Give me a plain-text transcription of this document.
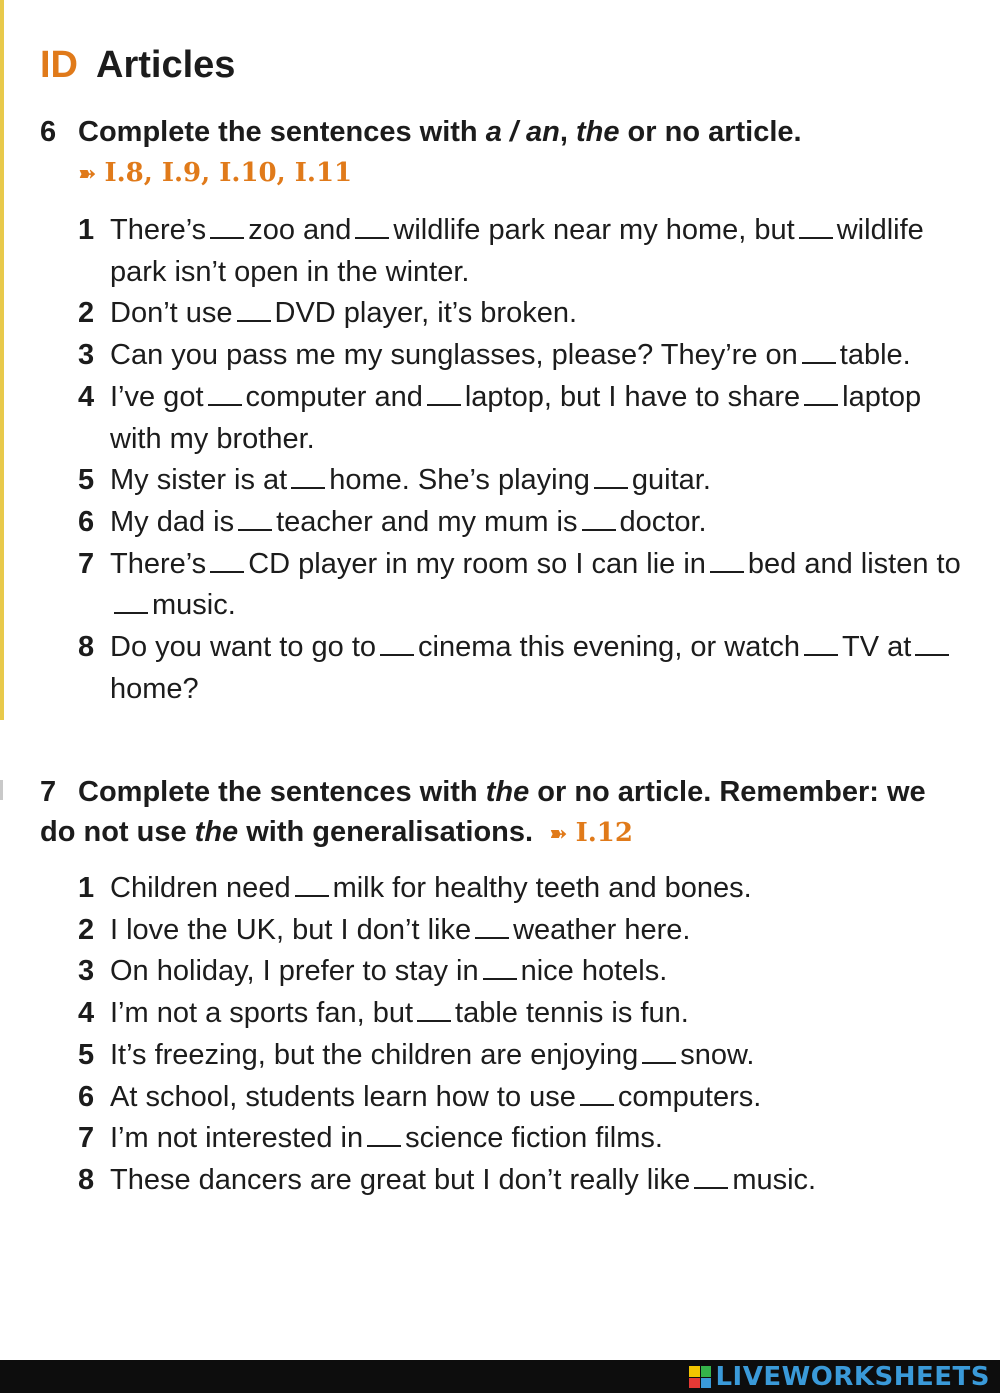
ID Articles
6 Complete the sentences with a / an, the or no article.
➽ I.8, I.9, I.10, I.11
1 There’s zoo and wildlife park near my home, but wildlife park isn’t open in the winter.
2 Don’t use DVD player, it’s broken.
3 Can you pass me my sunglasses, please? They’re on table.
4 I’ve got computer and laptop, but I have to share laptop with my brother.
5 My sister is at home. She’s playing guitar.
6 My dad is teacher and my mum is doctor.
7 There’s CD player in my room so I can lie in bed and listen tomusic.
8 Do you want to go to cinema this evening, or watch TV athome?
7 Complete the sentences with the or no article. Remember: we do not use the with generalisations. ➽ I.12
1 Children need milk for healthy teeth and bones.
2 I love the UK, but I don’t like weather here.
3 On holiday, I prefer to stay in nice hotels.
4 I’m not a sports fan, but table tennis is fun.
5 It’s freezing, but the children are enjoying snow.
6 At school, students learn how to use computers.
7 I’m not interested in science fiction films.
8 These dancers are great but I don’t really like music.
LIVEWORKSHEETS
